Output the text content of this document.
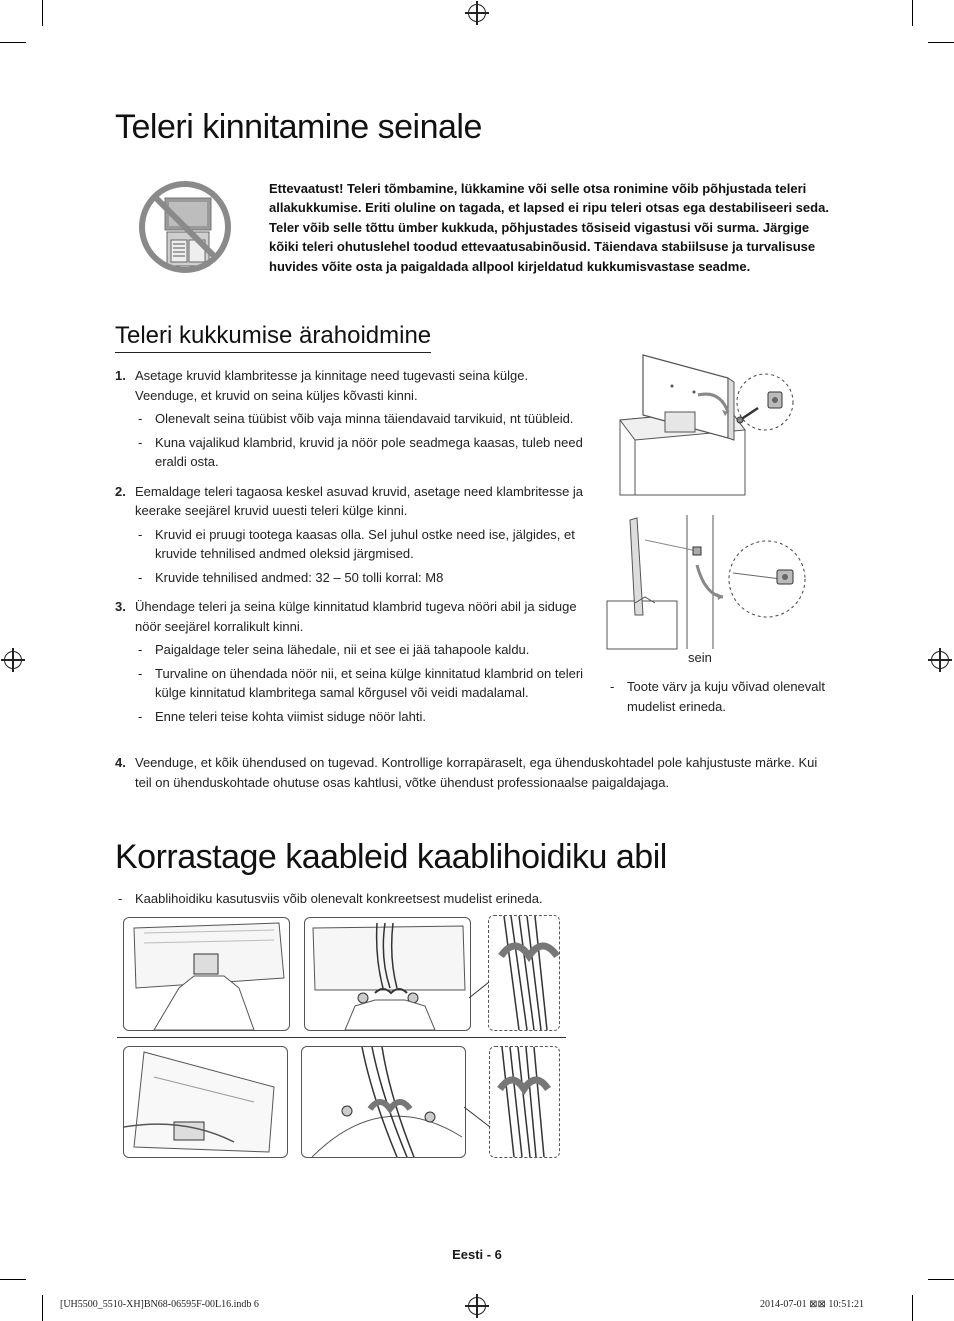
Teleri kinnitamine seinale
Ettevaatust! Teleri tõmbamine, lükkamine või selle otsa ronimine võib põhjustada teleri allakukkumise. Eriti oluline on tagada, et lapsed ei ripu teleri otsas ega destabiliseeri seda. Teler võib selle tõttu ümber kukkuda, põhjustades tõsiseid vigastusi või surma. Järgige kõiki teleri ohutuslehel toodud ettevaatusabinõusid. Täiendava stabiilsuse ja turvalisuse huvides võite osta ja paigaldada allpool kirjeldatud kukkumisvastase seadme.
Teleri kukkumise ärahoidmine
1. Asetage kruvid klambritesse ja kinnitage need tugevasti seina külge. Veenduge, et kruvid on seina küljes kõvasti kinni.
- Olenevalt seina tüübist võib vaja minna täiendavaid tarvikuid, nt tüübleid.
- Kuna vajalikud klambrid, kruvid ja nöör pole seadmega kaasas, tuleb need eraldi osta.
2. Eemaldage teleri tagaosa keskel asuvad kruvid, asetage need klambritesse ja keerake seejärel kruvid uuesti teleri külge kinni.
- Kruvid ei pruugi tootega kaasas olla. Sel juhul ostke need ise, jälgides, et kruvide tehnilised andmed oleksid järgmised.
- Kruvide tehnilised andmed: 32 – 50 tolli korral: M8
3. Ühendage teleri ja seina külge kinnitatud klambrid tugeva nööri abil ja siduge nöör seejärel korralikult kinni.
- Paigaldage teler seina lähedale, nii et see ei jää tahapoole kaldu.
- Turvaline on ühendada nöör nii, et seina külge kinnitatud klambrid on teleri külge kinnitatud klambritega samal kõrgusel või veidi madalamal.
- Enne teleri teise kohta viimist siduge nöör lahti.
4. Veenduge, et kõik ühendused on tugevad. Kontrollige korrapäraselt, ega ühenduskohtadel pole kahjustuste märke. Kui teil on ühenduskohtade ohutuse osas kahtlusi, võtke ühendust professionaalse paigaldajaga.
sein
- Toote värv ja kuju võivad olenevalt mudelist erineda.
Korrastage kaableid kaablihoidiku abil
- Kaablihoidiku kasutusviis võib olenevalt konkreetsest mudelist erineda.
Eesti - 6
[UH5500_5510-XH]BN68-06595F-00L16.indb 6	2014-07-01 ⊠⊠ 10:51:21
